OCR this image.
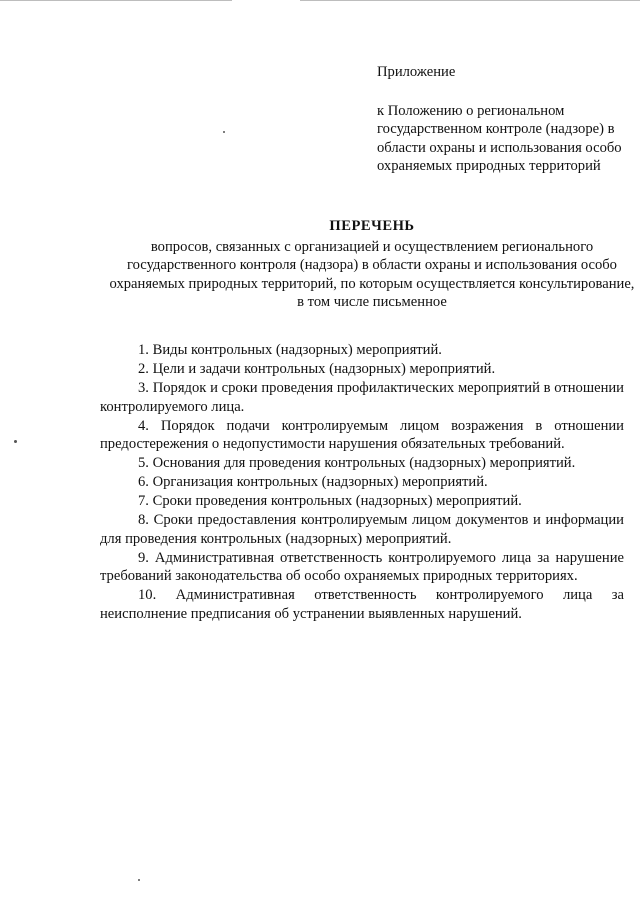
Приложение

к Положению о региональном государственном контроле (надзоре) в области охраны и использования особо охраняемых природных территорий

ПЕРЕЧЕНЬ

вопросов, связанных с организацией и осуществлением регионального государственного контроля (надзора) в области охраны и использования особо охраняемых природных территорий, по которым осуществляется консультирование, в том числе письменное

1. Виды контрольных (надзорных) мероприятий.

2. Цели и задачи контрольных (надзорных) мероприятий.

3. Порядок и сроки проведения профилактических мероприятий в отношении контролируемого лица.

4. Порядок подачи контролируемым лицом возражения в отношении предостережения о недопустимости нарушения обязательных требований.

5. Основания для проведения контрольных (надзорных) мероприятий.

6. Организация контрольных (надзорных) мероприятий.

7. Сроки проведения контрольных (надзорных) мероприятий.

8. Сроки предоставления контролируемым лицом документов и информации для проведения контрольных (надзорных) мероприятий.

9. Административная ответственность контролируемого лица за нарушение требований законодательства об особо охраняемых природных территориях.

10. Административная ответственность контролируемого лица за неисполнение предписания об устранении выявленных нарушений.
